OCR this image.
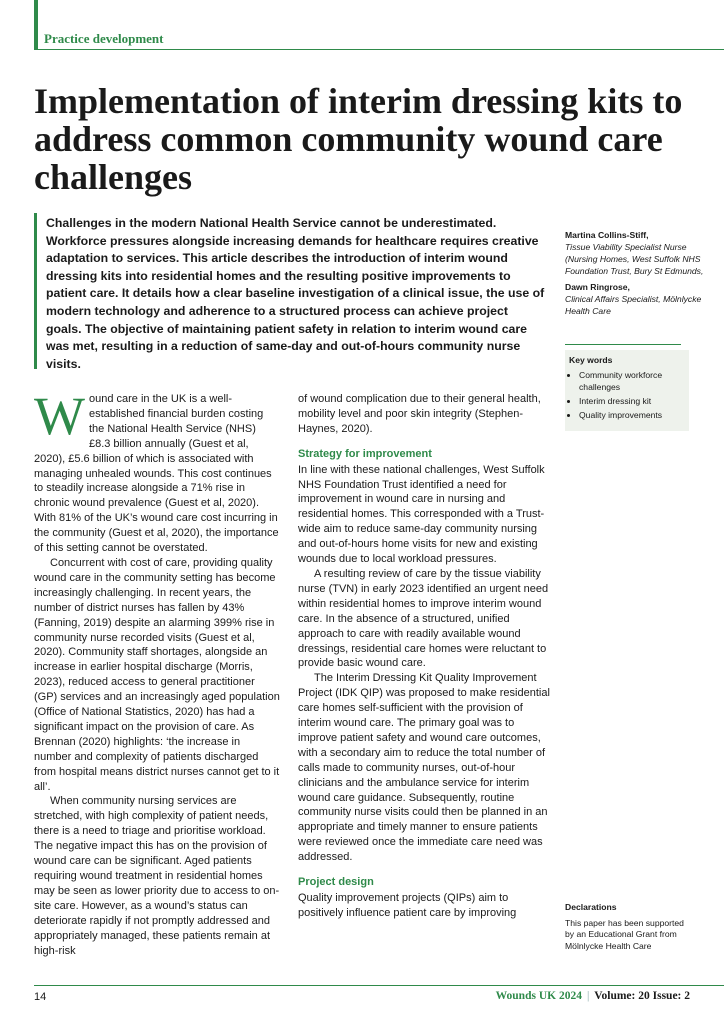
Practice development
Implementation of interim dressing kits to address common community wound care challenges

Challenges in the modern National Health Service cannot be underestimated. Workforce pressures alongside increasing demands for healthcare requires creative adaptation to services. This article describes the introduction of interim wound dressing kits into residential homes and the resulting positive improvements to patient care. It details how a clear baseline investigation of a clinical issue, the use of modern technology and adherence to a structured process can achieve project goals. The objective of maintaining patient safety in relation to interim wound care was met, resulting in a reduction of same-day and out-of-hours community nurse visits.

Martina Collins-Stiff,
Tissue Viability Specialist Nurse (Nursing Homes, West Suffolk NHS Foundation Trust, Bury St Edmunds,
Dawn Ringrose,
Clinical Affairs Specialist, Mölnlycke Health Care
Key words
• Community workforce challenges
• Interim dressing kit
• Quality improvements

Wound care in the UK is a well-established financial burden costing the National Health Service (NHS) £8.3 billion annually (Guest et al, 2020), £5.6 billion of which is associated with managing unhealed wounds. This cost continues to steadily increase alongside a 71% rise in chronic wound prevalence (Guest et al, 2020). With 81% of the UK’s wound care cost incurring in the community (Guest et al, 2020), the importance of this setting cannot be overstated.

Concurrent with cost of care, providing quality wound care in the community setting has become increasingly challenging. In recent years, the number of district nurses has fallen by 43% (Fanning, 2019) despite an alarming 399% rise in community nurse recorded visits (Guest et al, 2020). Community staff shortages, alongside an increase in earlier hospital discharge (Morris, 2023), reduced access to general practitioner (GP) services and an increasingly aged population (Office of National Statistics, 2020) has had a significant impact on the provision of care. As Brennan (2020) highlights: ‘the increase in number and complexity of patients discharged from hospital means district nurses cannot get to it all’.

When community nursing services are stretched, with high complexity of patient needs, there is a need to triage and prioritise workload. The negative impact this has on the provision of wound care can be significant. Aged patients requiring wound treatment in residential homes may be seen as lower priority due to access to on-site care. However, as a wound’s status can deteriorate rapidly if not promptly addressed and appropriately managed, these patients remain at high-risk

of wound complication due to their general health, mobility level and poor skin integrity (Stephen-Haynes, 2020).

Strategy for improvement

In line with these national challenges, West Suffolk NHS Foundation Trust identified a need for improvement in wound care in nursing and residential homes. This corresponded with a Trust-wide aim to reduce same-day community nursing and out-of-hours home visits for new and existing wounds due to local workload pressures.

A resulting review of care by the tissue viability nurse (TVN) in early 2023 identified an urgent need within residential homes to improve interim wound care. In the absence of a structured, unified approach to care with readily available wound dressings, residential care homes were reluctant to provide basic wound care.

The Interim Dressing Kit Quality Improvement Project (IDK QIP) was proposed to make residential care homes self-sufficient with the provision of interim wound care. The primary goal was to improve patient safety and wound care outcomes, with a secondary aim to reduce the total number of calls made to community nurses, out-of-hour clinicians and the ambulance service for interim wound care guidance. Subsequently, routine community nurse visits could then be planned in an appropriate and timely manner to ensure patients were reviewed once the immediate care need was addressed.

Project design

Quality improvement projects (QIPs) aim to positively influence patient care by improving	Declarations
This paper has been supported by an Educational Grant from Mölnlycke Health Care
14	Wounds UK 2024 | Volume: 20 Issue: 2
